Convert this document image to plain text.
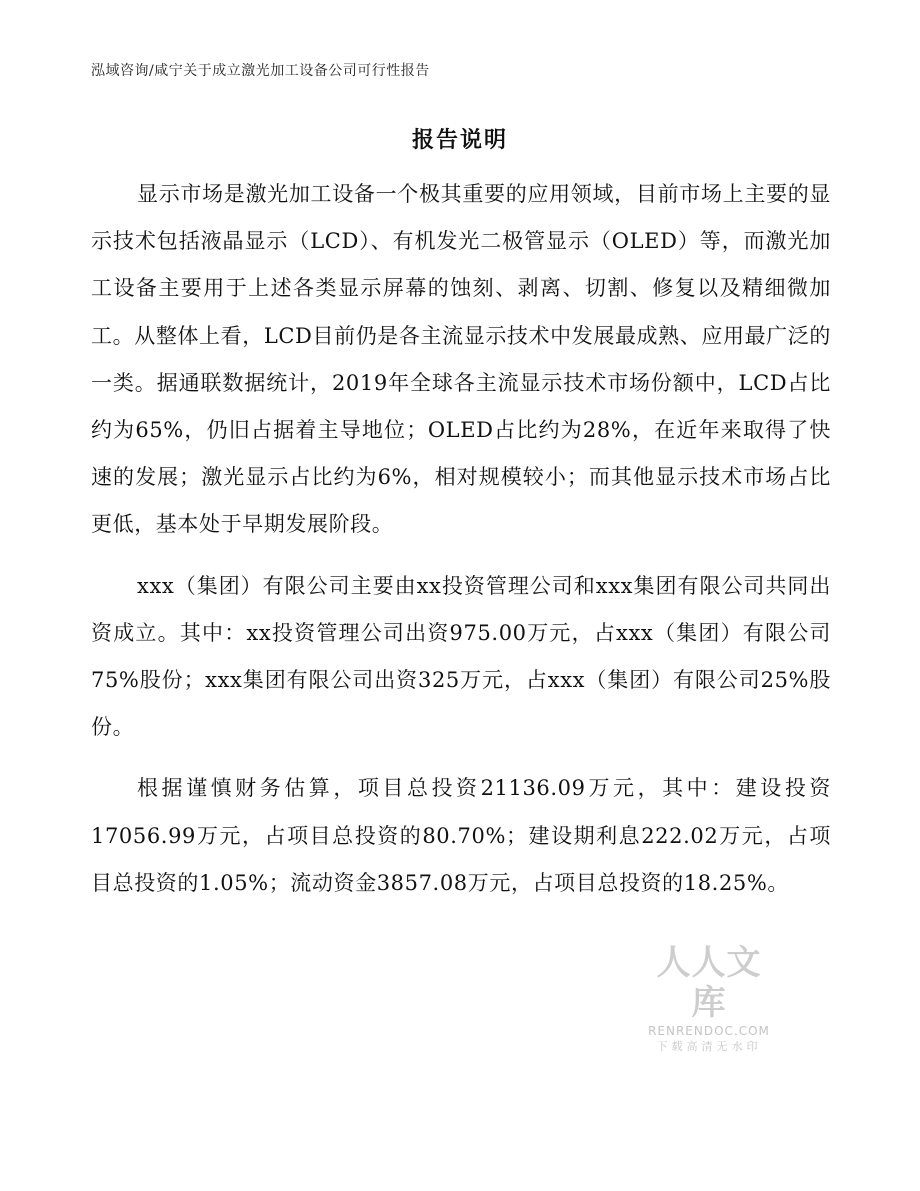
泓域咨询/咸宁关于成立激光加工设备公司可行性报告
报告说明

显示市场是激光加工设备一个极其重要的应用领域，目前市场上主要的显示技术包括液晶显示（LCD）、有机发光二极管显示（OLED）等，而激光加工设备主要用于上述各类显示屏幕的蚀刻、剥离、切割、修复以及精细微加工。从整体上看，LCD目前仍是各主流显示技术中发展最成熟、应用最广泛的一类。据通联数据统计，2019年全球各主流显示技术市场份额中，LCD占比约为65%，仍旧占据着主导地位；OLED占比约为28%，在近年来取得了快速的发展；激光显示占比约为6%，相对规模较小；而其他显示技术市场占比更低，基本处于早期发展阶段。

xxx（集团）有限公司主要由xx投资管理公司和xxx集团有限公司共同出资成立。其中：xx投资管理公司出资975.00万元，占xxx（集团）有限公司75%股份；xxx集团有限公司出资325万元，占xxx（集团）有限公司25%股份。

根据谨慎财务估算，项目总投资21136.09万元，其中：建设投资17056.99万元，占项目总投资的80.70%；建设期利息222.02万元，占项目总投资的1.05%；流动资金3857.08万元，占项目总投资的18.25%。

人人文库
RENRENDOC.COM
下载高清无水印
